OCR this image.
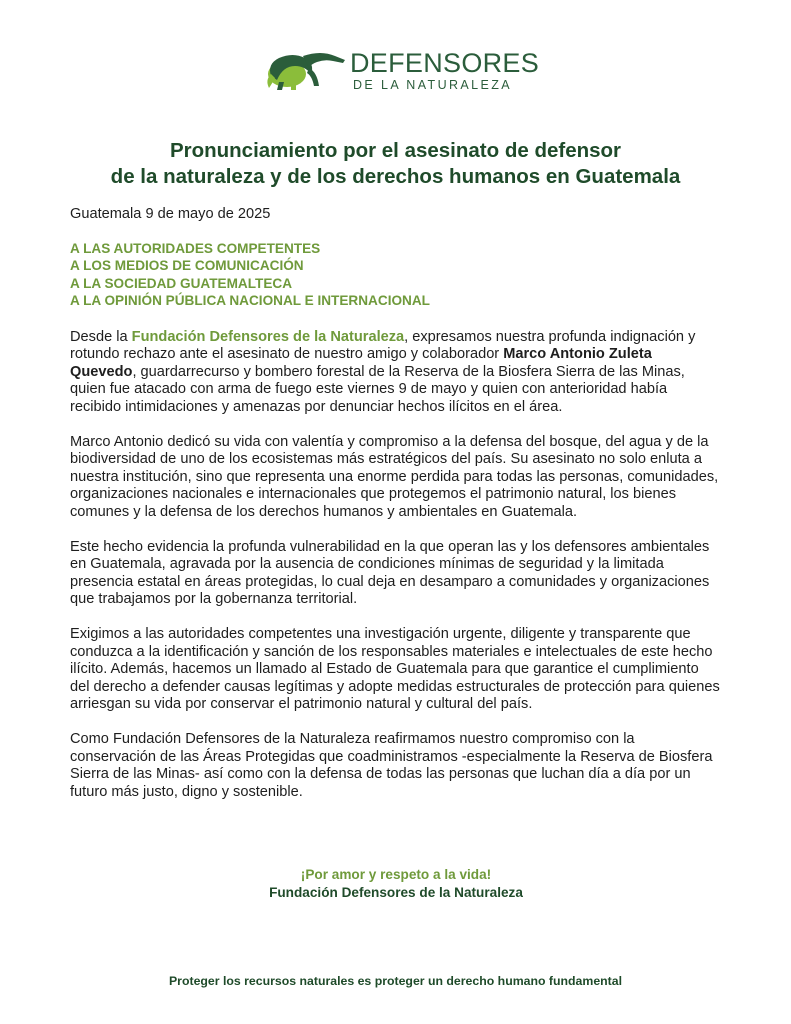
DEFENSORES
DE LA NATURALEZA
Pronunciamiento por el asesinato de defensor
de la naturaleza y de los derechos humanos en Guatemala
Guatemala 9 de mayo de 2025
A LAS AUTORIDADES COMPETENTES
A LOS MEDIOS DE COMUNICACIÓN
A LA SOCIEDAD GUATEMALTECA
A LA OPINIÓN PÚBLICA NACIONAL E INTERNACIONAL

Desde la Fundación Defensores de la Naturaleza, expresamos nuestra profunda indignación y rotundo rechazo ante el asesinato de nuestro amigo y colaborador Marco Antonio Zuleta Quevedo, guardarrecurso y bombero forestal de la Reserva de la Biosfera Sierra de las Minas, quien fue atacado con arma de fuego este viernes 9 de mayo y quien con anterioridad había recibido intimidaciones y amenazas por denunciar hechos ilícitos en el área.

Marco Antonio dedicó su vida con valentía y compromiso a la defensa del bosque, del agua y de la biodiversidad de uno de los ecosistemas más estratégicos del país. Su asesinato no solo enluta a nuestra institución, sino que representa una enorme perdida para todas las personas, comunidades, organizaciones nacionales e internacionales que protegemos el patrimonio natural, los bienes comunes y la defensa de los derechos humanos y ambientales en Guatemala.

Este hecho evidencia la profunda vulnerabilidad en la que operan las y los defensores ambientales en Guatemala, agravada por la ausencia de condiciones mínimas de seguridad y la limitada presencia estatal en áreas protegidas, lo cual deja en desamparo a comunidades y organizaciones que trabajamos por la gobernanza territorial.

Exigimos a las autoridades competentes una investigación urgente, diligente y transparente que conduzca a la identificación y sanción de los responsables materiales e intelectuales de este hecho ilícito. Además, hacemos un llamado al Estado de Guatemala para que garantice el cumplimiento del derecho a defender causas legítimas y adopte medidas estructurales de protección para quienes arriesgan su vida por conservar el patrimonio natural y cultural del país.

Como Fundación Defensores de la Naturaleza reafirmamos nuestro compromiso con la conservación de las Áreas Protegidas que coadministramos -especialmente la Reserva de Biosfera Sierra de las Minas- así como con la defensa de todas las personas que luchan día a día por un futuro más justo, digno y sostenible.

¡Por amor y respeto a la vida!
Fundación Defensores de la Naturaleza
Proteger los recursos naturales es proteger un derecho humano fundamental
